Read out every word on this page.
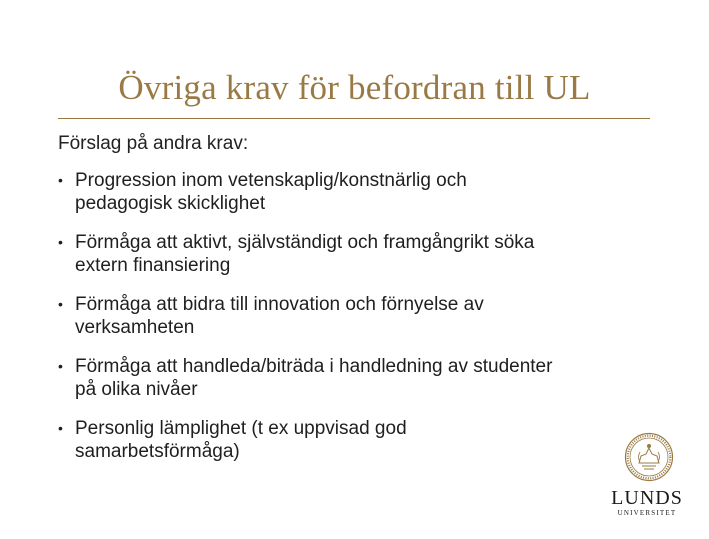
Övriga krav för befordran till UL
Förslag på andra krav:
• Progression inom vetenskaplig/konstnärlig och
pedagogisk skicklighet
• Förmåga att aktivt, självständigt och framgångrikt söka
extern finansiering
• Förmåga att bidra till innovation och förnyelse av
verksamheten
• Förmåga att handleda/biträda i handledning av studenter
på olika nivåer
• Personlig lämplighet (t ex uppvisad god
samarbetsförmåga)
LUNDS
UNIVERSITET
